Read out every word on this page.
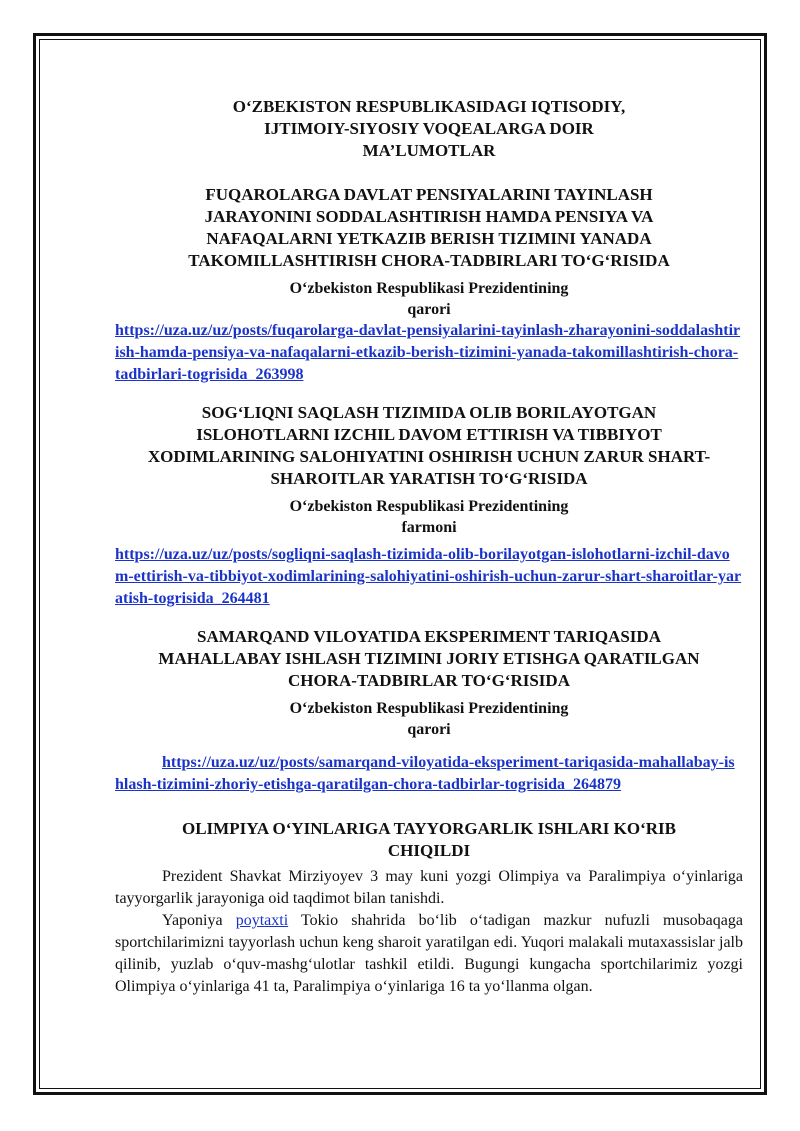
O‘ZBEKISTON RESPUBLIKASIDAGI IQTISODIY,
IJTIMOIY-SIYOSIY VOQEALARGA DOIR
MA’LUMOTLAR
FUQAROLARGA DAVLAT PENSIYALARINI TAYINLASH
JARAYONINI SODDALASHTIRISH HAMDA PENSIYA VA
NAFAQALARNI YETKAZIB BERISH TIZIMINI YANADA
TAKOMILLASHTIRISH CHORA-TADBIRLARI TO‘G‘RISIDA
O‘zbekiston Respublikasi Prezidentining
qarori
https://uza.uz/uz/posts/fuqarolarga-davlat-pensiyalarini-tayinlash-zharayonini-soddalashtirish-hamda-pensiya-va-nafaqalarni-etkazib-berish-tizimini-yanada-takomillashtirish-chora-tadbirlari-togrisida_263998
SOG‘LIQNI SAQLASH TIZIMIDA OLIB BORILAYOTGAN
ISLOHOTLARNI IZCHIL DAVOM ETTIRISH VA TIBBIYOT
XODIMLARINING SALOHIYATINI OSHIRISH UCHUN ZARUR SHART-
SHAROITLAR YARATISH TO‘G‘RISIDA
O‘zbekiston Respublikasi Prezidentining
farmoni
https://uza.uz/uz/posts/sogliqni-saqlash-tizimida-olib-borilayotgan-islohotlarni-izchil-davom-ettirish-va-tibbiyot-xodimlarining-salohiyatini-oshirish-uchun-zarur-shart-sharoitlar-yaratish-togrisida_264481
SAMARQAND VILOYATIDA EKSPERIMENT TARIQASIDA
MAHALLABAY ISHLASH TIZIMINI JORIY ETISHGA QARATILGAN
CHORA-TADBIRLAR TO‘G‘RISIDA
O‘zbekiston Respublikasi Prezidentining
qarori
https://uza.uz/uz/posts/samarqand-viloyatida-eksperiment-tariqasida-mahallabay-ishlash-tizimini-zhoriy-etishga-qaratilgan-chora-tadbirlar-togrisida_264879
OLIMPIYA O‘YINLARIGA TAYYORGARLIK ISHLARI KO‘RIB
CHIQILDI

Prezident Shavkat Mirziyoyev 3 may kuni yozgi Olimpiya va Paralimpiya o‘yinlariga tayyorgarlik jarayoniga oid taqdimot bilan tanishdi.

Yaponiya poytaxti Tokio shahrida bo‘lib o‘tadigan mazkur nufuzli musobaqaga sportchilarimizni tayyorlash uchun keng sharoit yaratilgan edi. Yuqori malakali mutaxassislar jalb qilinib, yuzlab o‘quv-mashg‘ulotlar tashkil etildi. Bugungi kungacha sportchilarimiz yozgi Olimpiya o‘yinlariga 41 ta, Paralimpiya o‘yinlariga 16 ta yo‘llanma olgan.
